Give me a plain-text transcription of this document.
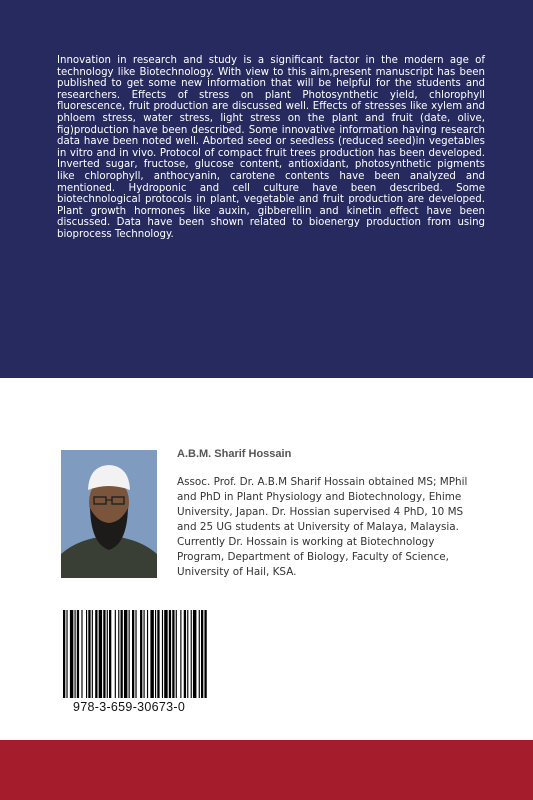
Innovation in research and study is a significant factor in the modern age of technology like Biotechnology. With view to this aim,present manuscript has been published to get some new information that will be helpful for the students and researchers. Effects of stress on plant Photosynthetic yield, chlorophyll fluorescence, fruit production are discussed well. Effects of stresses like xylem and phloem stress, water stress, light stress on the plant and fruit (date, olive, fig)production have been described. Some innovative information having research data have been noted well. Aborted seed or seedless (reduced seed)in vegetables in vitro and in vivo. Protocol of compact fruit trees production has been developed. Inverted sugar, fructose, glucose content, antioxidant, photosynthetic pigments like chlorophyll, anthocyanin, carotene contents have been analyzed and mentioned. Hydroponic and cell culture have been described. Some biotechnological protocols in plant, vegetable and fruit production are developed. Plant growth hormones like auxin, gibberellin and kinetin effect have been discussed. Data have been shown related to bioenergy production from using bioprocess Technology.

A.B.M. Sharif Hossain

Assoc. Prof. Dr. A.B.M Sharif Hossain obtained MS; MPhil and PhD in Plant Physiology and Biotechnology, Ehime University, Japan. Dr. Hossian supervised 4 PhD, 10 MS and 25 UG students at University of Malaya, Malaysia. Currently Dr. Hossain is working at Biotechnology Program, Department of Biology, Faculty of Science, University of Hail, KSA.

978-3-659-30673-0
